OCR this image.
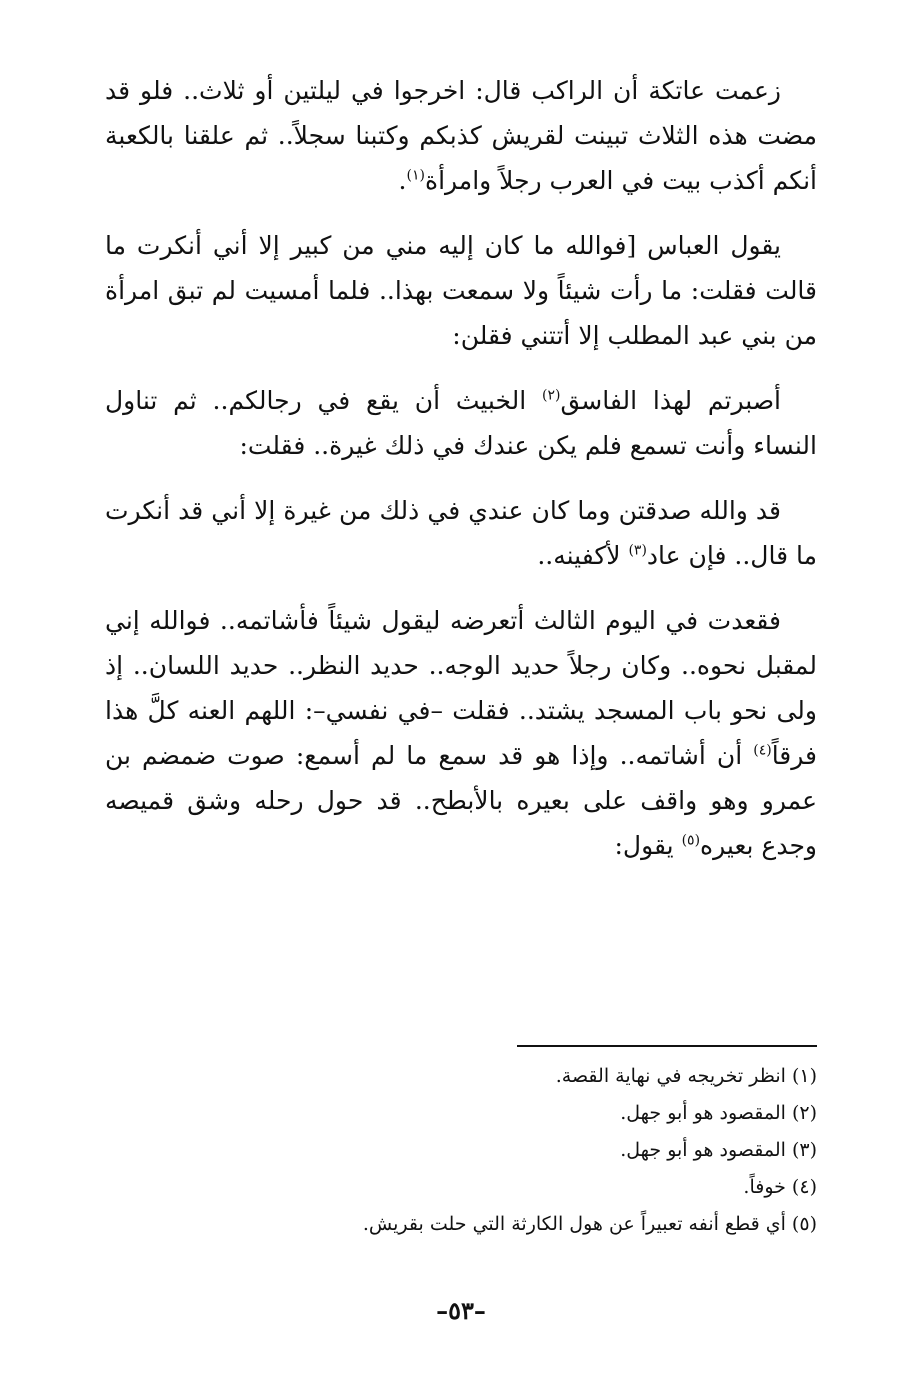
زعمت عاتكة أن الراكب قال: اخرجوا في ليلتين أو ثلاث.. فلو قد مضت هذه الثلاث تبينت لقريش كذبكم وكتبنا سجلاً.. ثم علقنا بالكعبة أنكم أكذب بيت في العرب رجلاً وامرأة$^{(١)}$.

يقول العباس [فوالله ما كان إليه مني من كبير إلا أني أنكرت ما قالت فقلت: ما رأت شيئاً ولا سمعت بهذا.. فلما أمسيت لم تبق امرأة من بني عبد المطلب إلا أتتني فقلن:

أصبرتم لهذا الفاسق$^{(٢)}$ الخبيث أن يقع في رجالكم.. ثم تناول النساء وأنت تسمع فلم يكن عندك في ذلك غيرة.. فقلت:

قد والله صدقتن وما كان عندي في ذلك من غيرة إلا أني قد أنكرت ما قال.. فإن عاد$^{(٣)}$ لأكفينه..

فقعدت في اليوم الثالث أتعرضه ليقول شيئاً فأشاتمه.. فوالله إني لمقبل نحوه.. وكان رجلاً حديد الوجه.. حديد النظر.. حديد اللسان.. إذ ولى نحو باب المسجد يشتد.. فقلت –في نفسي–: اللهم العنه كلَّ هذا فرقاً$^{(٤)}$ أن أشاتمه.. وإذا هو قد سمع ما لم أسمع: صوت ضمضم بن عمرو وهو واقف على بعيره بالأبطح.. قد حول رحله وشق قميصه وجدع بعيره$^{(٥)}$ يقول:

(١) انظر تخريجه في نهاية القصة.

(٢) المقصود هو أبو جهل.

(٣) المقصود هو أبو جهل.

(٤) خوفاً.

(٥) أي قطع أنفه تعبيراً عن هول الكارثة التي حلت بقريش.

–٥٣–
